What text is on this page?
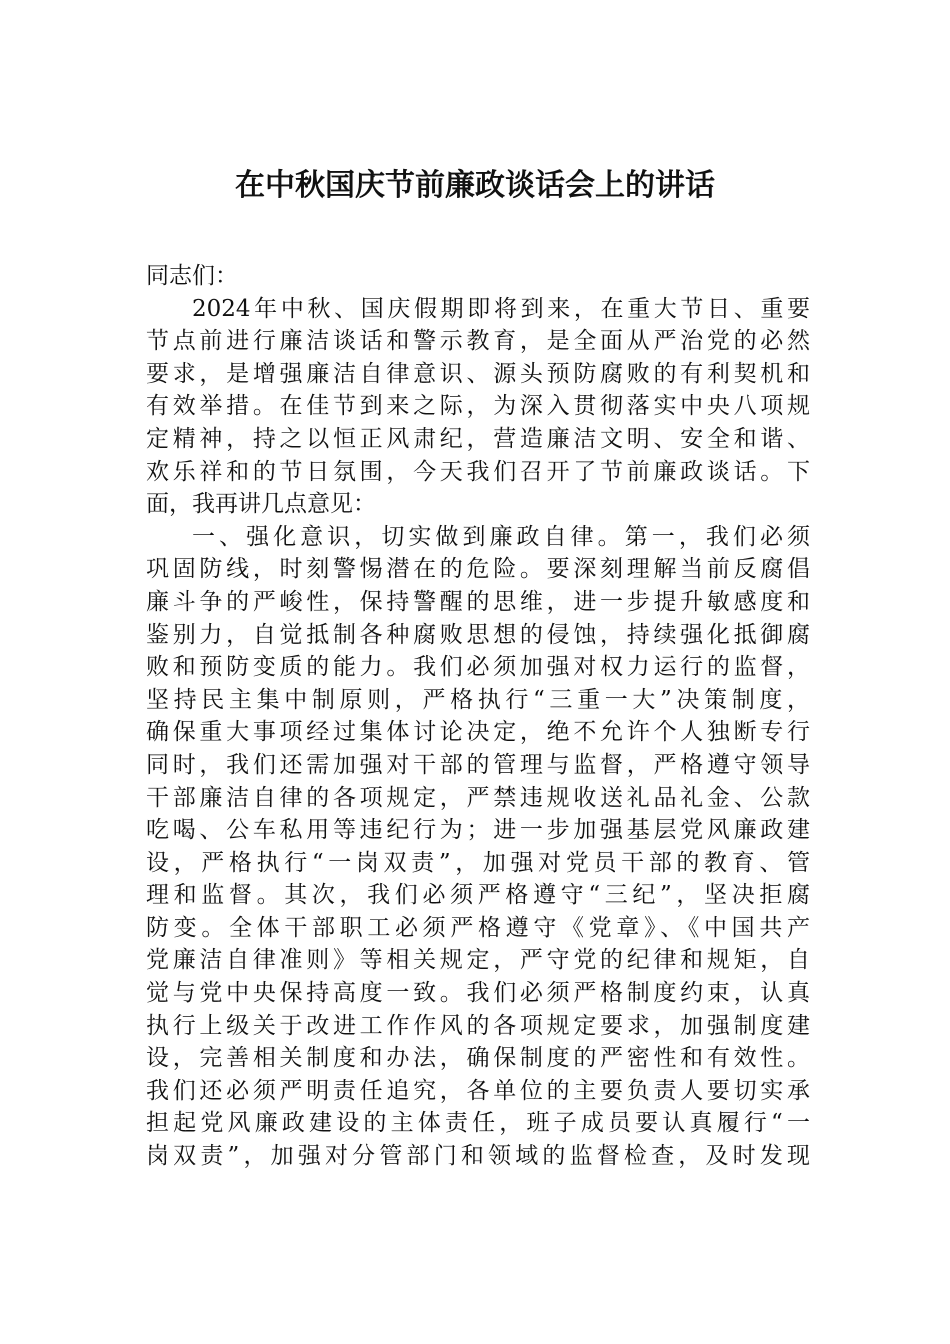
在中秋国庆节前廉政谈话会上的讲话
同志们：
2024年中秋、国庆假期即将到来，在重大节日、重要
节点前进行廉洁谈话和警示教育，是全面从严治党的必然
要求，是增强廉洁自律意识、源头预防腐败的有利契机和
有效举措。在佳节到来之际，为深入贯彻落实中央八项规
定精神，持之以恒正风肃纪，营造廉洁文明、安全和谐、
欢乐祥和的节日氛围，今天我们召开了节前廉政谈话。下
面，我再讲几点意见：
一、强化意识，切实做到廉政自律。第一，我们必须
巩固防线，时刻警惕潜在的危险。要深刻理解当前反腐倡
廉斗争的严峻性，保持警醒的思维，进一步提升敏感度和
鉴别力，自觉抵制各种腐败思想的侵蚀，持续强化抵御腐
败和预防变质的能力。我们必须加强对权力运行的监督，
坚持民主集中制原则，严格执行“三重一大”决策制度，
确保重大事项经过集体讨论决定，绝不允许个人独断专行
同时，我们还需加强对干部的管理与监督，严格遵守领导
干部廉洁自律的各项规定，严禁违规收送礼品礼金、公款
吃喝、公车私用等违纪行为；进一步加强基层党风廉政建
设，严格执行“一岗双责”，加强对党员干部的教育、管
理和监督。其次，我们必须严格遵守“三纪”，坚决拒腐
防变。全体干部职工必须严格遵守《党章》、《中国共产
党廉洁自律准则》等相关规定，严守党的纪律和规矩，自
觉与党中央保持高度一致。我们必须严格制度约束，认真
执行上级关于改进工作作风的各项规定要求，加强制度建
设，完善相关制度和办法，确保制度的严密性和有效性。
我们还必须严明责任追究，各单位的主要负责人要切实承
担起党风廉政建设的主体责任，班子成员要认真履行“一
岗双责”，加强对分管部门和领域的监督检查，及时发现
